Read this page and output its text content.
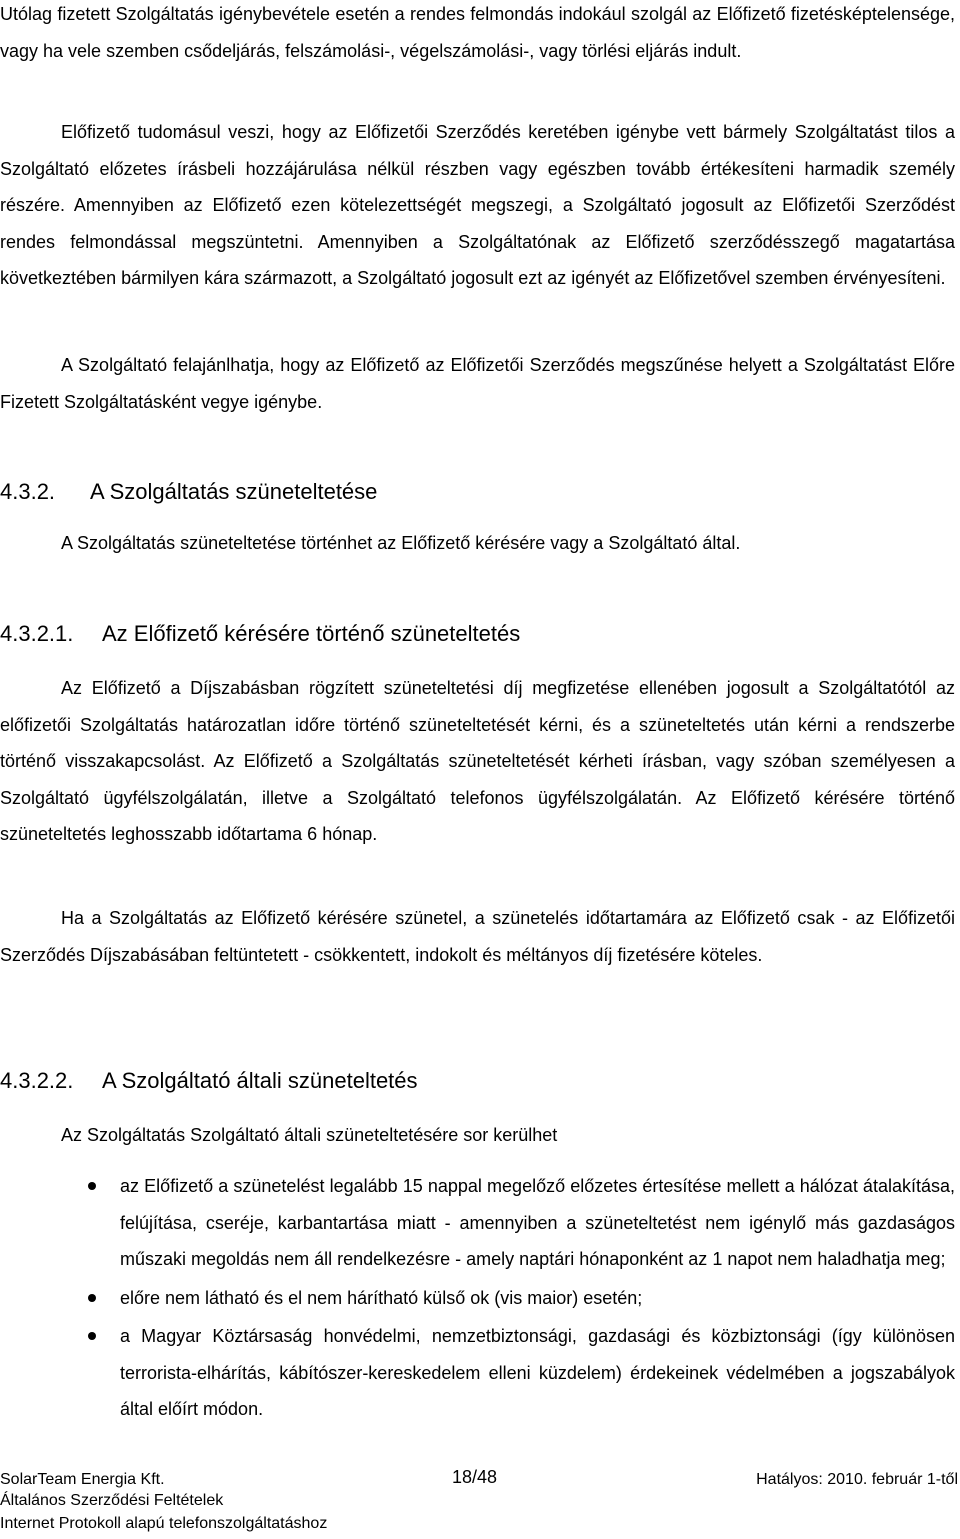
Utólag fizetett Szolgáltatás igénybevétele esetén a rendes felmondás indokául szolgál az Előfizető fizetésképtelensége, vagy ha vele szemben csődeljárás, felszámolási-, végelszámolási-, vagy törlési eljárás indult.

Előfizető tudomásul veszi, hogy az Előfizetői Szerződés keretében igénybe vett bármely Szolgáltatást tilos a Szolgáltató előzetes írásbeli hozzájárulása nélkül részben vagy egészben tovább értékesíteni harmadik személy részére. Amennyiben az Előfizető ezen kötelezettségét megszegi, a Szolgáltató jogosult az Előfizetői Szerződést rendes felmondással megszüntetni. Amennyiben a Szolgáltatónak az Előfizető szerződésszegő magatartása következtében bármilyen kára származott, a Szolgáltató jogosult ezt az igényét az Előfizetővel szemben érvényesíteni.

A Szolgáltató felajánlhatja, hogy az Előfizető az Előfizetői Szerződés megszűnése helyett a Szolgáltatást Előre Fizetett Szolgáltatásként vegye igénybe.

4.3.2. A Szolgáltatás szüneteltetése

A Szolgáltatás szüneteltetése történhet az Előfizető kérésére vagy a Szolgáltató által.

4.3.2.1. Az Előfizető kérésére történő szüneteltetés

Az Előfizető a Díjszabásban rögzített szüneteltetési díj megfizetése ellenében jogosult a Szolgáltatótól az előfizetői Szolgáltatás határozatlan időre történő szüneteltetését kérni, és a szüneteltetés után kérni a rendszerbe történő visszakapcsolást. Az Előfizető a Szolgáltatás szüneteltetését kérheti írásban, vagy szóban személyesen a Szolgáltató ügyfélszolgálatán, illetve a Szolgáltató telefonos ügyfélszolgálatán. Az Előfizető kérésére történő szüneteltetés leghosszabb időtartama 6 hónap.

Ha a Szolgáltatás az Előfizető kérésére szünetel, a szünetelés időtartamára az Előfizető csak - az Előfizetői Szerződés Díjszabásában feltüntetett - csökkentett, indokolt és méltányos díj fizetésére köteles.

4.3.2.2. A Szolgáltató általi szüneteltetés

Az Szolgáltatás Szolgáltató általi szüneteltetésére sor kerülhet

az Előfizető a szünetelést legalább 15 nappal megelőző előzetes értesítése mellett a hálózat átalakítása, felújítása, cseréje, karbantartása miatt - amennyiben a szüneteltetést nem igénylő más gazdaságos műszaki megoldás nem áll rendelkezésre - amely naptári hónaponként az 1 napot nem haladhatja meg;
előre nem látható és el nem hárítható külső ok (vis maior) esetén;
a Magyar Köztársaság honvédelmi, nemzetbiztonsági, gazdasági és közbiztonsági (így különösen terrorista-elhárítás, kábítószer-kereskedelem elleni küzdelem) érdekeinek védelmében a jogszabályok által előírt módon.
SolarTeam Energia Kft.	18/48	Hatályos: 2010. február 1-től
Általános Szerződési Feltételek
Internet Protokoll alapú telefonszolgáltatáshoz
